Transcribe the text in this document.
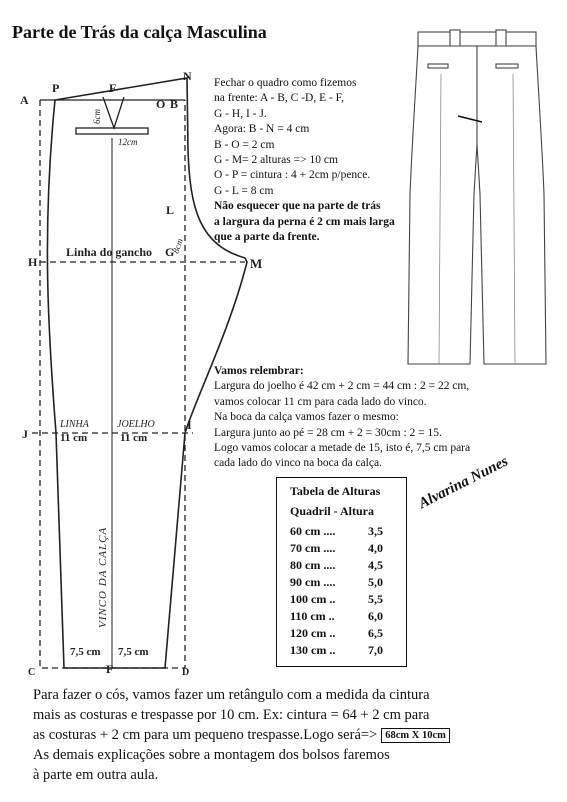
Parte de Trás da calça Masculina
A
P	F
N
O B
L
H
G
M
J
I
C	F	D
6cm
12cm
8cm
Linha do gancho
LINHA	JOELHO
11 cm	11 cm
7,5 cm 7,5 cm
VINCO DA CALÇA
Fechar o quadro como fizemos
na frente: A - B, C -D, E - F,
G - H, I - J.
Agora: B - N = 4 cm
B - O = 2 cm
G - M= 2 alturas => 10 cm
O - P = cintura : 4 + 2cm p/pence.
G - L = 8 cm
Não esquecer que na parte de trás
a largura da perna é 2 cm mais larga
que a parte da frente.
Vamos relembrar:
Largura do joelho é 42 cm + 2 cm = 44 cm : 2 = 22 cm,
vamos colocar 11 cm para cada lado do vinco.
Na boca da calça vamos fazer o mesmo:
Largura junto ao pé = 28 cm + 2 = 30cm : 2 = 15.
Logo vamos colocar a metade de 15, isto é, 7,5 cm para
cada lado do vinco na boca da calça.
Tabela de Alturas
Quadril - Altura
60 cm ....	3,5
70 cm ....	4,0
80 cm ....	4,5
90 cm ....	5,0
100 cm ..	5,5
110 cm ..	6,0
120 cm ..	6,5
130 cm ..	7,0
Alvarina Nunes
Para fazer o cós, vamos fazer um retângulo com a medida da cintura
mais as costuras e trespasse por 10 cm. Ex: cintura = 64 + 2 cm para
as costuras + 2 cm para um pequeno trespasse.Logo será=> 68cm X 10cm
As demais explicações sobre a montagem dos bolsos faremos
à parte em outra aula.
